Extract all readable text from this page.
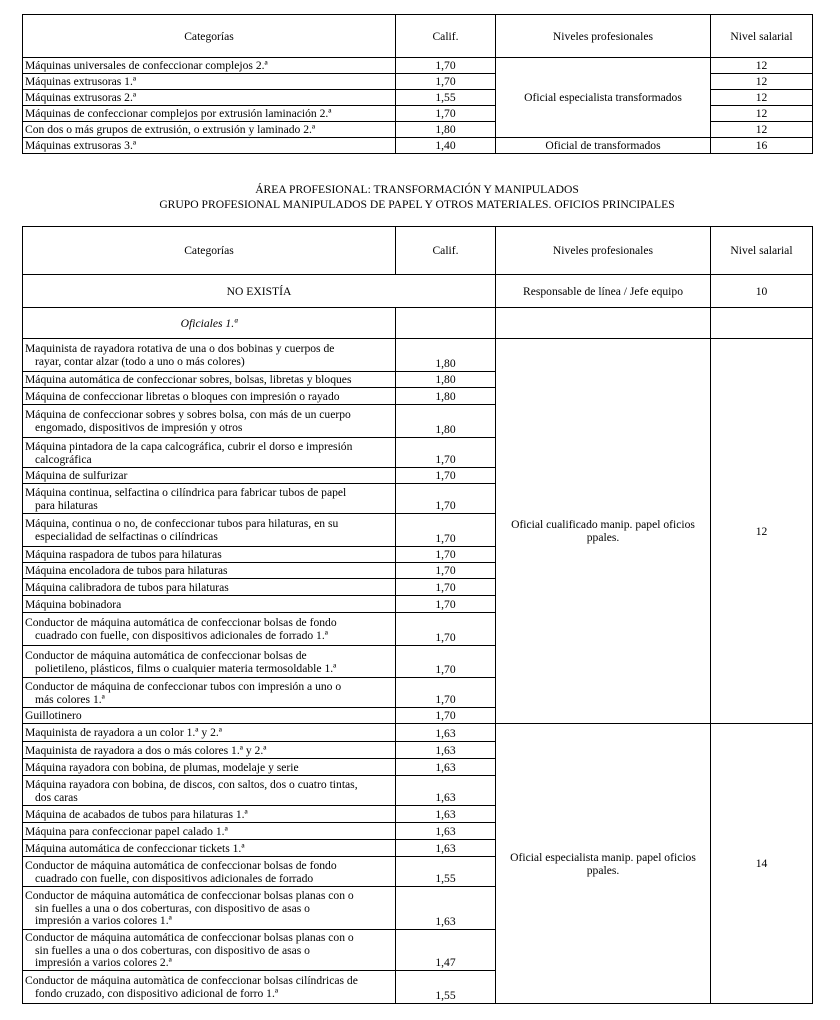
Categorías	Calif.	Niveles profesionales	Nivel salarial
Máquinas universales de confeccionar complejos 2.ª	1,70	Oficial especialista transformados	12
Máquinas extrusoras 1.ª	1,70		12
Máquinas extrusoras 2.ª	1,55		12
Máquinas de confeccionar complejos por extrusión laminación 2.ª	1,70		12
Con dos o más grupos de extrusión, o extrusión y laminado 2.ª	1,80		12
Máquinas extrusoras 3.ª	1,40	Oficial de transformados	16
ÁREA PROFESIONAL: TRANSFORMACIÓN Y MANIPULADOS
GRUPO PROFESIONAL MANIPULADOS DE PAPEL Y OTROS MATERIALES. OFICIOS PRINCIPALES
Categorías	Calif.	Niveles profesionales	Nivel salarial
NO EXISTÍA		Responsable de línea / Jefe equipo	10
Oficiales 1.ª			

Maquinista de rayadora rotativa de una o dos bobinas y cuerpos de
rayar, contar alzar (todo a uno o más colores)	1,80	Oficial cualificado manip. papel oficios ppales.	12

Máquina automática de confeccionar sobres, bolsas, libretas y bloques	1,80		

Máquina de confeccionar libretas o bloques con impresión o rayado	1,80		

Máquina de confeccionar sobres y sobres bolsa, con más de un cuerpo
engomado, dispositivos de impresión y otros	1,80		

Máquina pintadora de la capa calcográfica, cubrir el dorso e impresión
calcográfica	1,70		

Máquina de sulfurizar	1,70		

Máquina continua, selfactina o cilíndrica para fabricar tubos de papel
para hilaturas	1,70		

Máquina, continua o no, de confeccionar tubos para hilaturas, en su
especialidad de selfactinas o cilíndricas	1,70		

Máquina raspadora de tubos para hilaturas	1,70		

Máquina encoladora de tubos para hilaturas	1,70		

Máquina calibradora de tubos para hilaturas	1,70		

Máquina bobinadora	1,70		

Conductor de máquina automática de confeccionar bolsas de fondo
cuadrado con fuelle, con dispositivos adicionales de forrado 1.ª	1,70		

Conductor de máquina automática de confeccionar bolsas de
polietileno, plásticos, films o cualquier materia termosoldable 1.ª	1,70		

Conductor de máquina de confeccionar tubos con impresión a uno o
más colores 1.ª	1,70		

Guillotinero	1,70		

Maquinista de rayadora a un color 1.ª y 2.ª	1,63	Oficial especialista manip. papel oficios ppales.	14

Maquinista de rayadora a dos o más colores 1.ª y 2.ª	1,63		

Máquina rayadora con bobina, de plumas, modelaje y serie	1,63		

Máquina rayadora con bobina, de discos, con saltos, dos o cuatro tintas,
dos caras	1,63		

Máquina de acabados de tubos para hilaturas 1.ª	1,63		

Máquina para confeccionar papel calado 1.ª	1,63		

Máquina automática de confeccionar tickets 1.ª	1,63		

Conductor de máquina automática de confeccionar bolsas de fondo
cuadrado con fuelle, con dispositivos adicionales de forrado	1,55		

Conductor de máquina automática de confeccionar bolsas planas con o
sin fuelles a una o dos coberturas, con dispositivo de asas o
impresión a varios colores 1.ª	1,63		

Conductor de máquina automática de confeccionar bolsas planas con o
sin fuelles a una o dos coberturas, con dispositivo de asas o
impresión a varios colores 2.ª	1,47		

Conductor de máquina automàtica de confeccionar bolsas cilíndricas de
fondo cruzado, con dispositivo adicional de forro 1.ª	1,55		
